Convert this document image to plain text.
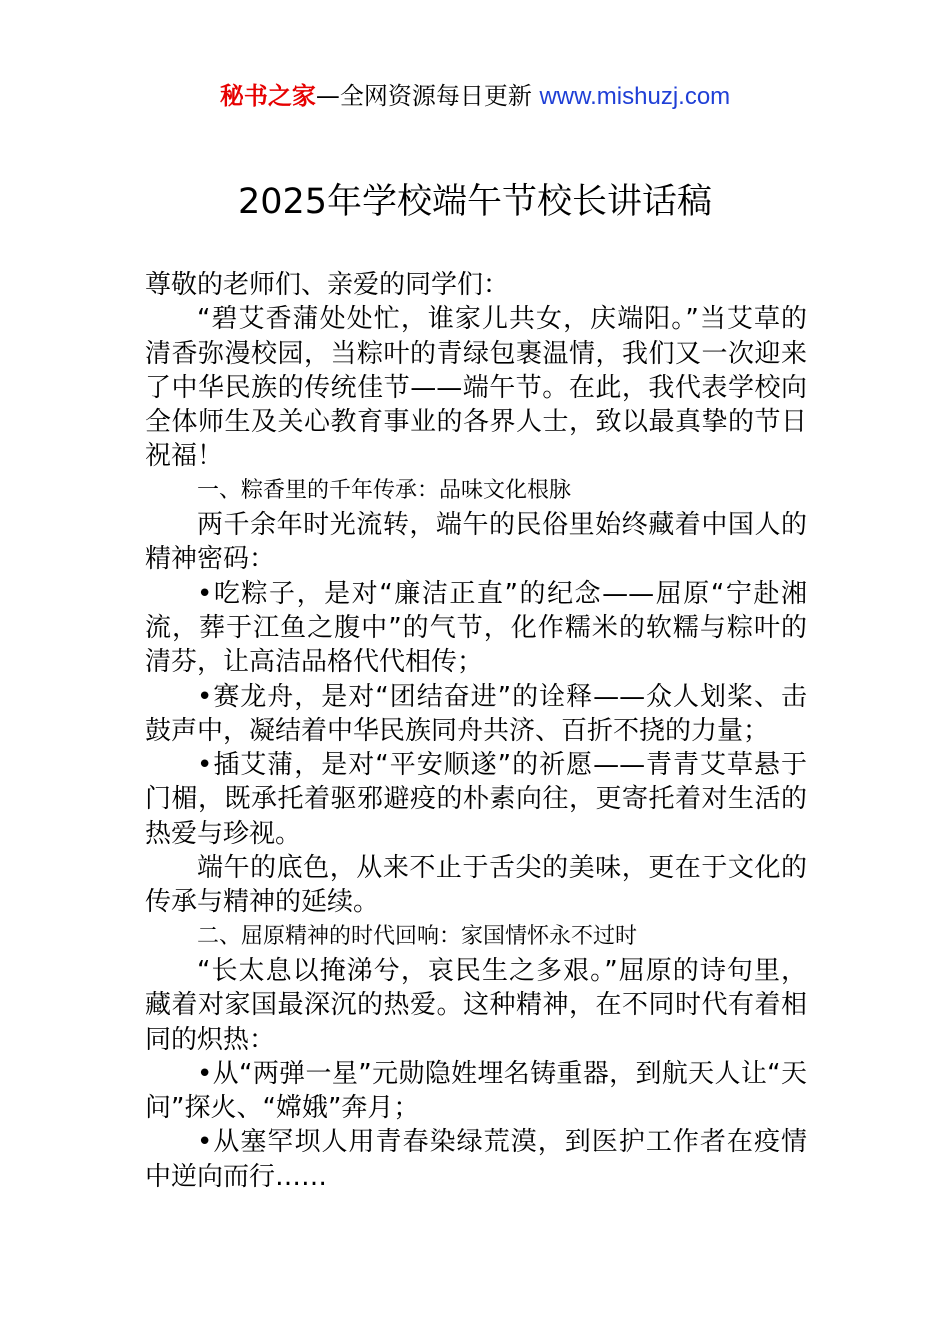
秘书之家—全网资源每日更新 www.mishuzj.com
2025年学校端午节校长讲话稿

尊敬的老师们、亲爱的同学们：

“碧艾香蒲处处忙，谁家儿共女，庆端阳。”当艾草的清香弥漫校园，当粽叶的青绿包裹温情，我们又一次迎来了中华民族的传统佳节——端午节。在此，我代表学校向全体师生及关心教育事业的各界人士，致以最真挚的节日祝福！

一、粽香里的千年传承：品味文化根脉

两千余年时光流转，端午的民俗里始终藏着中国人的精神密码：

•吃粽子，是对“廉洁正直”的纪念——屈原“宁赴湘流，葬于江鱼之腹中”的气节，化作糯米的软糯与粽叶的清芬，让高洁品格代代相传；

•赛龙舟，是对“团结奋进”的诠释——众人划桨、击鼓声中，凝结着中华民族同舟共济、百折不挠的力量；

•插艾蒲，是对“平安顺遂”的祈愿——青青艾草悬于门楣，既承托着驱邪避疫的朴素向往，更寄托着对生活的热爱与珍视。

端午的底色，从来不止于舌尖的美味，更在于文化的传承与精神的延续。

二、屈原精神的时代回响：家国情怀永不过时

“长太息以掩涕兮，哀民生之多艰。”屈原的诗句里，藏着对家国最深沉的热爱。这种精神，在不同时代有着相同的炽热：

•从“两弹一星”元勋隐姓埋名铸重器，到航天人让“天问”探火、“嫦娥”奔月；

•从塞罕坝人用青春染绿荒漠，到医护工作者在疫情中逆向而行……
